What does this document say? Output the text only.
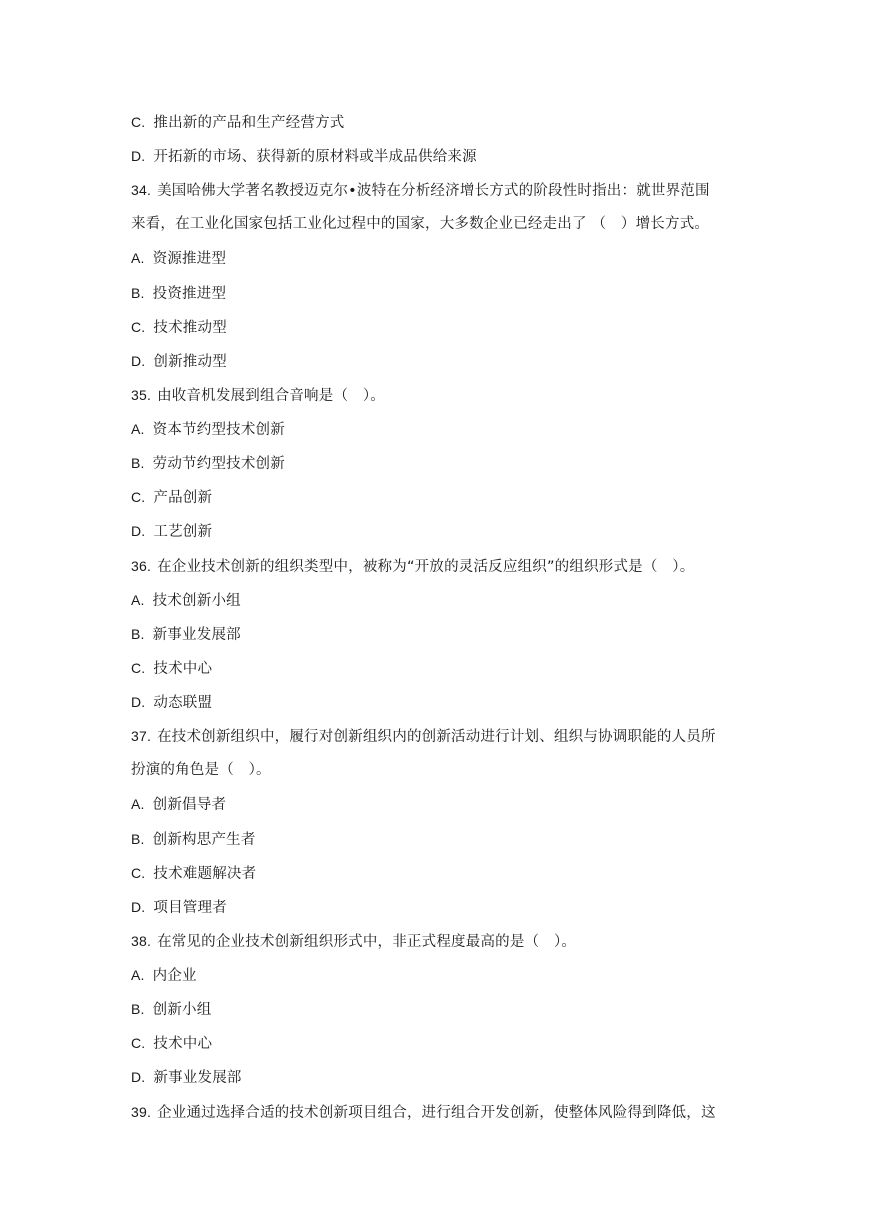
C. 推出新的产品和生产经营方式
D. 开拓新的市场、获得新的原材料或半成品供给来源
34. 美国哈佛大学著名教授迈克尔•波特在分析经济增长方式的阶段性时指出：就世界范围
来看，在工业化国家包括工业化过程中的国家，大多数企业已经走出了 （　）增长方式。
A. 资源推进型
B. 投资推进型
C. 技术推动型
D. 创新推动型
35. 由收音机发展到组合音响是（　）。
A. 资本节约型技术创新
B. 劳动节约型技术创新
C. 产品创新
D. 工艺创新
36. 在企业技术创新的组织类型中，被称为“开放的灵活反应组织”的组织形式是（　）。
A. 技术创新小组
B. 新事业发展部
C. 技术中心
D. 动态联盟
37. 在技术创新组织中，履行对创新组织内的创新活动进行计划、组织与协调职能的人员所
扮演的角色是（　）。
A. 创新倡导者
B. 创新构思产生者
C. 技术难题解决者
D. 项目管理者
38. 在常见的企业技术创新组织形式中，非正式程度最高的是（　）。
A. 内企业
B. 创新小组
C. 技术中心
D. 新事业发展部
39. 企业通过选择合适的技术创新项目组合，进行组合开发创新，使整体风险得到降低，这
